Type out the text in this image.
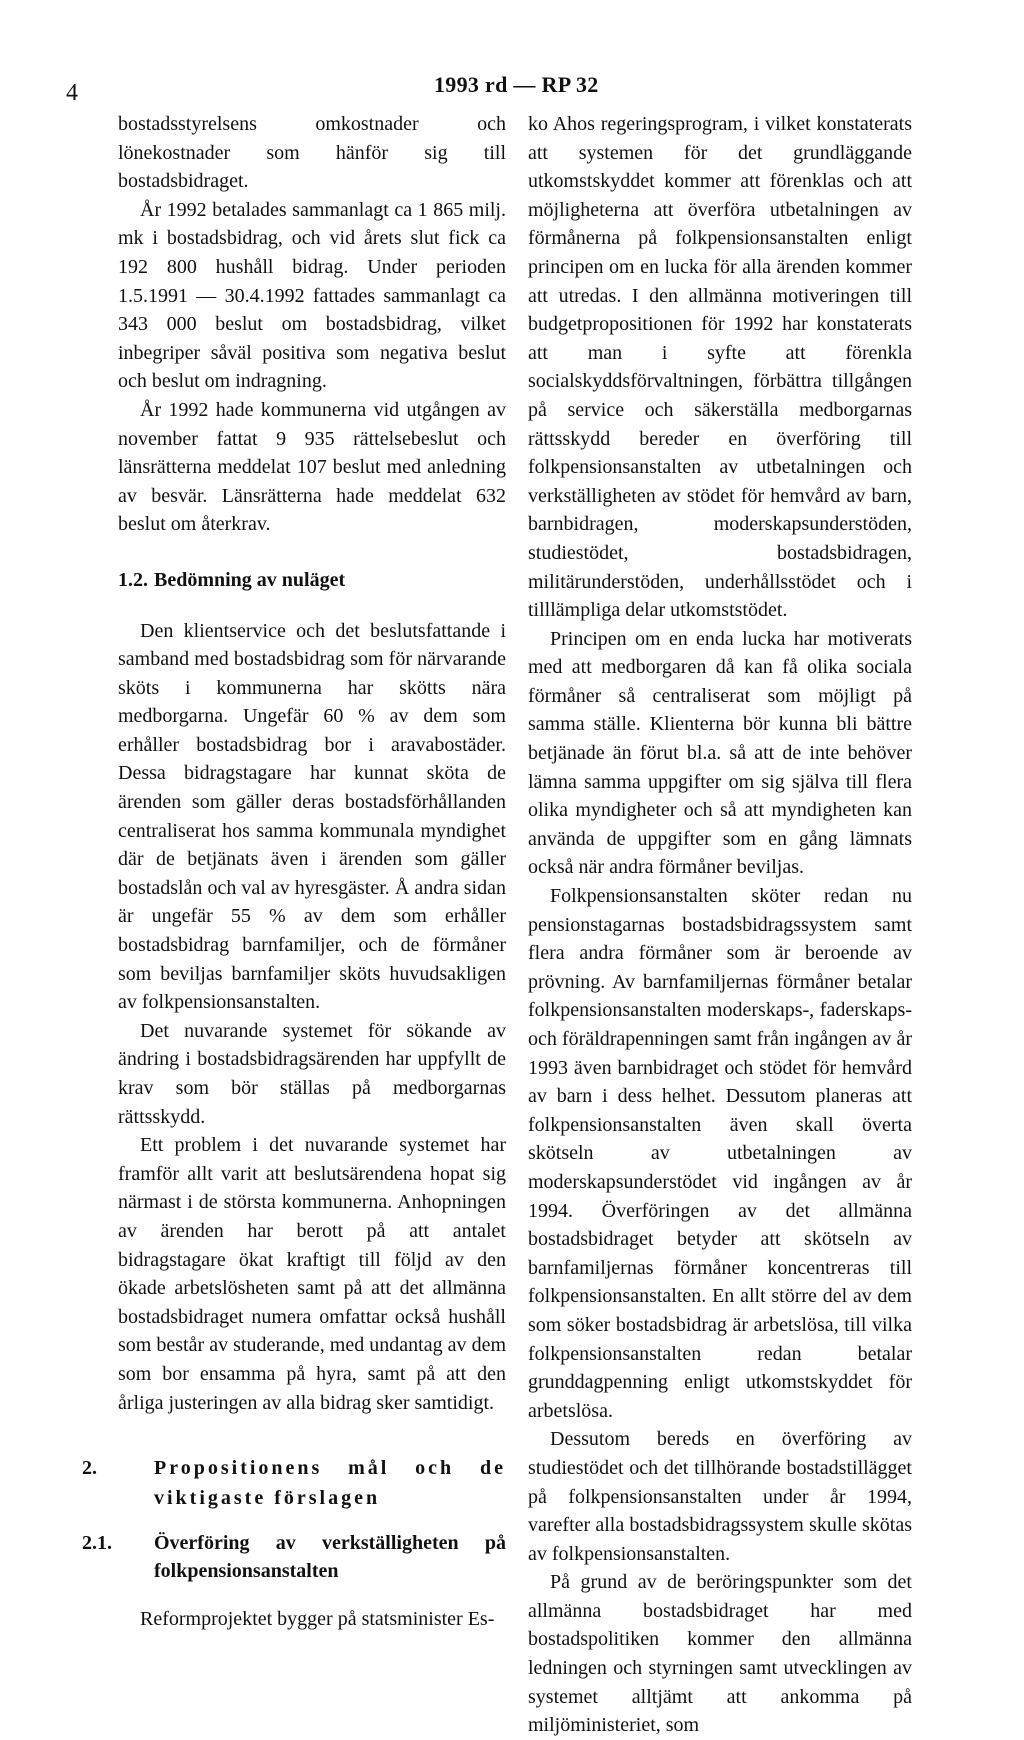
4	1993 rd — RP 32

bostadsstyrelsens omkostnader och lönekostnader som hänför sig till bostadsbidraget.

År 1992 betalades sammanlagt ca 1 865 milj. mk i bostadsbidrag, och vid årets slut fick ca 192 800 hushåll bidrag. Under perioden 1.5.1991 — 30.4.1992 fattades sammanlagt ca 343 000 beslut om bostadsbidrag, vilket inbegriper såväl positiva som negativa beslut och beslut om indragning.

År 1992 hade kommunerna vid utgången av november fattat 9 935 rättelsebeslut och länsrätterna meddelat 107 beslut med anledning av besvär. Länsrätterna hade meddelat 632 beslut om återkrav.

1.2. Bedömning av nuläget

Den klientservice och det beslutsfattande i samband med bostadsbidrag som för närvarande sköts i kommunerna har skötts nära medborgarna. Ungefär 60 % av dem som erhåller bostadsbidrag bor i aravabostäder. Dessa bidragstagare har kunnat sköta de ärenden som gäller deras bostadsförhållanden centraliserat hos samma kommunala myndighet där de betjänats även i ärenden som gäller bostadslån och val av hyresgäster. Å andra sidan är ungefär 55 % av dem som erhåller bostadsbidrag barnfamiljer, och de förmåner som beviljas barnfamiljer sköts huvudsakligen av folkpensionsanstalten.

Det nuvarande systemet för sökande av ändring i bostadsbidragsärenden har uppfyllt de krav som bör ställas på medborgarnas rättsskydd.

Ett problem i det nuvarande systemet har framför allt varit att beslutsärendena hopat sig närmast i de största kommunerna. Anhopningen av ärenden har berott på att antalet bidragstagare ökat kraftigt till följd av den ökade arbetslösheten samt på att det allmänna bostadsbidraget numera omfattar också hushåll som består av studerande, med undantag av dem som bor ensamma på hyra, samt på att den årliga justeringen av alla bidrag sker samtidigt.

2.	Propositionens mål och de viktigaste förslagen
2.1. Överföring av verkställigheten på folkpensionsanstalten

Reformprojektet bygger på statsminister Es-

ko Ahos regeringsprogram, i vilket konstaterats att systemen för det grundläggande utkomstskyddet kommer att förenklas och att möjligheterna att överföra utbetalningen av förmånerna på folkpensionsanstalten enligt principen om en lucka för alla ärenden kommer att utredas. I den allmänna motiveringen till budgetpropositionen för 1992 har konstaterats att man i syfte att förenkla socialskyddsförvaltningen, förbättra tillgången på service och säkerställa medborgarnas rättsskydd bereder en överföring till folkpensionsanstalten av utbetalningen och verkställigheten av stödet för hemvård av barn, barnbidragen, moderskapsunderstöden, studiestödet, bostadsbidragen, militärunderstöden, underhållsstödet och i tilllämpliga delar utkomststödet.

Principen om en enda lucka har motiverats med att medborgaren då kan få olika sociala förmåner så centraliserat som möjligt på samma ställe. Klienterna bör kunna bli bättre betjänade än förut bl.a. så att de inte behöver lämna samma uppgifter om sig själva till flera olika myndigheter och så att myndigheten kan använda de uppgifter som en gång lämnats också när andra förmåner beviljas.

Folkpensionsanstalten sköter redan nu pensionstagarnas bostadsbidragssystem samt flera andra förmåner som är beroende av prövning. Av barnfamiljernas förmåner betalar folkpensionsanstalten moderskaps-, faderskaps- och föräldrapenningen samt från ingången av år 1993 även barnbidraget och stödet för hemvård av barn i dess helhet. Dessutom planeras att folkpensionsanstalten även skall överta skötseln av utbetalningen av moderskapsunderstödet vid ingången av år 1994. Överföringen av det allmänna bostadsbidraget betyder att skötseln av barnfamiljernas förmåner koncentreras till folkpensionsanstalten. En allt större del av dem som söker bostadsbidrag är arbetslösa, till vilka folkpensionsanstalten redan betalar grunddagpenning enligt utkomstskyddet för arbetslösa.

Dessutom bereds en överföring av studiestödet och det tillhörande bostadstillägget på folkpensionsanstalten under år 1994, varefter alla bostadsbidragssystem skulle skötas av folkpensionsanstalten.

På grund av de beröringspunkter som det allmänna bostadsbidraget har med bostadspolitiken kommer den allmänna ledningen och styrningen samt utvecklingen av systemet alltjämt att ankomma på miljöministeriet, som
